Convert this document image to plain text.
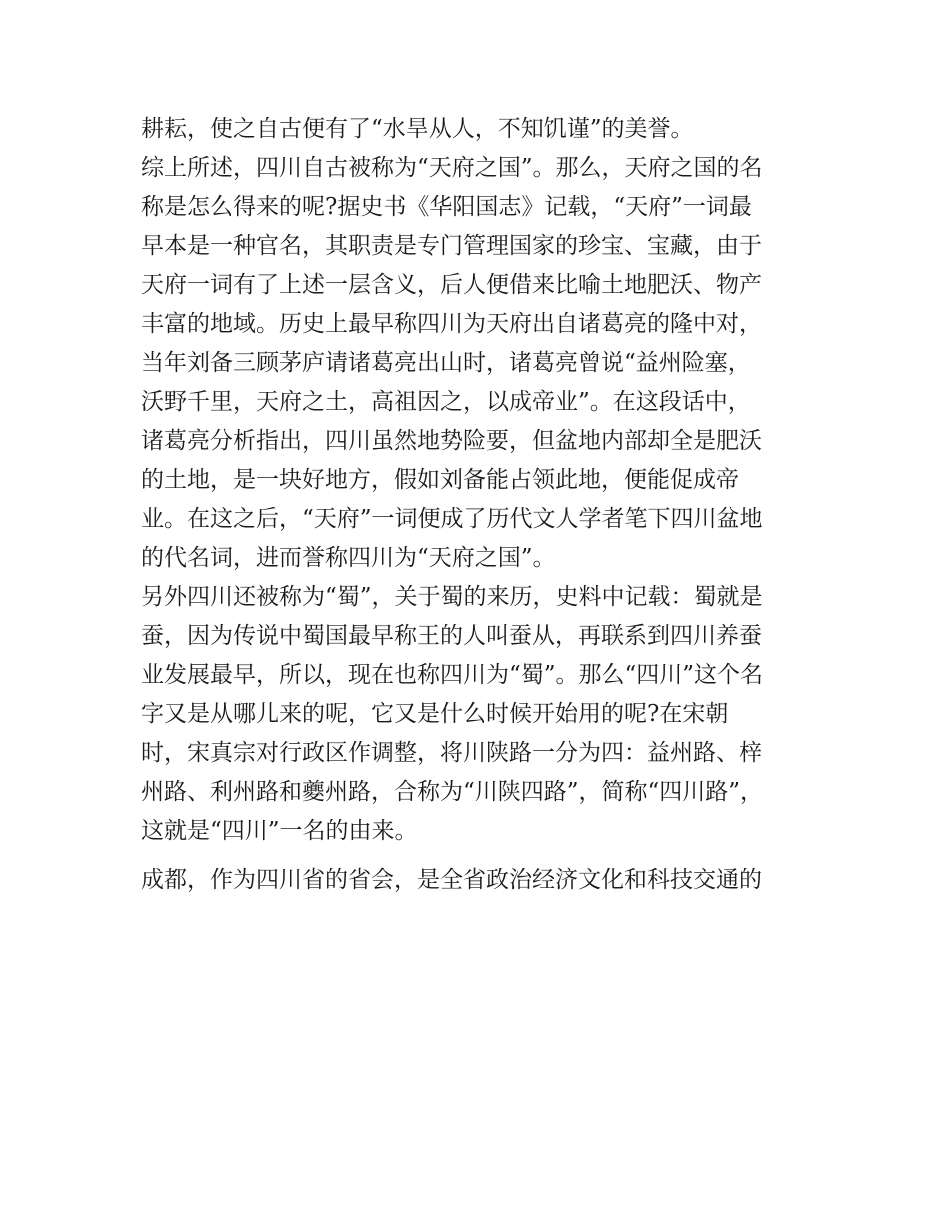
耕耘，使之自古便有了“水旱从人，不知饥谨”的美誉。
综上所述，四川自古被称为“天府之国”。那么，天府之国的名
称是怎么得来的呢?据史书《华阳国志》记载，“天府”一词最
早本是一种官名，其职责是专门管理国家的珍宝、宝藏，由于
天府一词有了上述一层含义，后人便借来比喻土地肥沃、物产
丰富的地域。历史上最早称四川为天府出自诸葛亮的隆中对，
当年刘备三顾茅庐请诸葛亮出山时，诸葛亮曾说“益州险塞，
沃野千里，天府之土，高祖因之，以成帝业”。在这段话中，
诸葛亮分析指出，四川虽然地势险要，但盆地内部却全是肥沃
的土地，是一块好地方，假如刘备能占领此地，便能促成帝
业。在这之后，“天府”一词便成了历代文人学者笔下四川盆地
的代名词，进而誉称四川为“天府之国”。
另外四川还被称为“蜀”，关于蜀的来历，史料中记载：蜀就是
蚕，因为传说中蜀国最早称王的人叫蚕从，再联系到四川养蚕
业发展最早，所以，现在也称四川为“蜀”。那么“四川”这个名
字又是从哪儿来的呢，它又是什么时候开始用的呢?在宋朝
时，宋真宗对行政区作调整，将川陕路一分为四：益州路、梓
州路、利州路和夔州路，合称为“川陕四路”，简称“四川路”，
这就是“四川”一名的由来。
成都，作为四川省的省会，是全省政治经济文化和科技交通的
